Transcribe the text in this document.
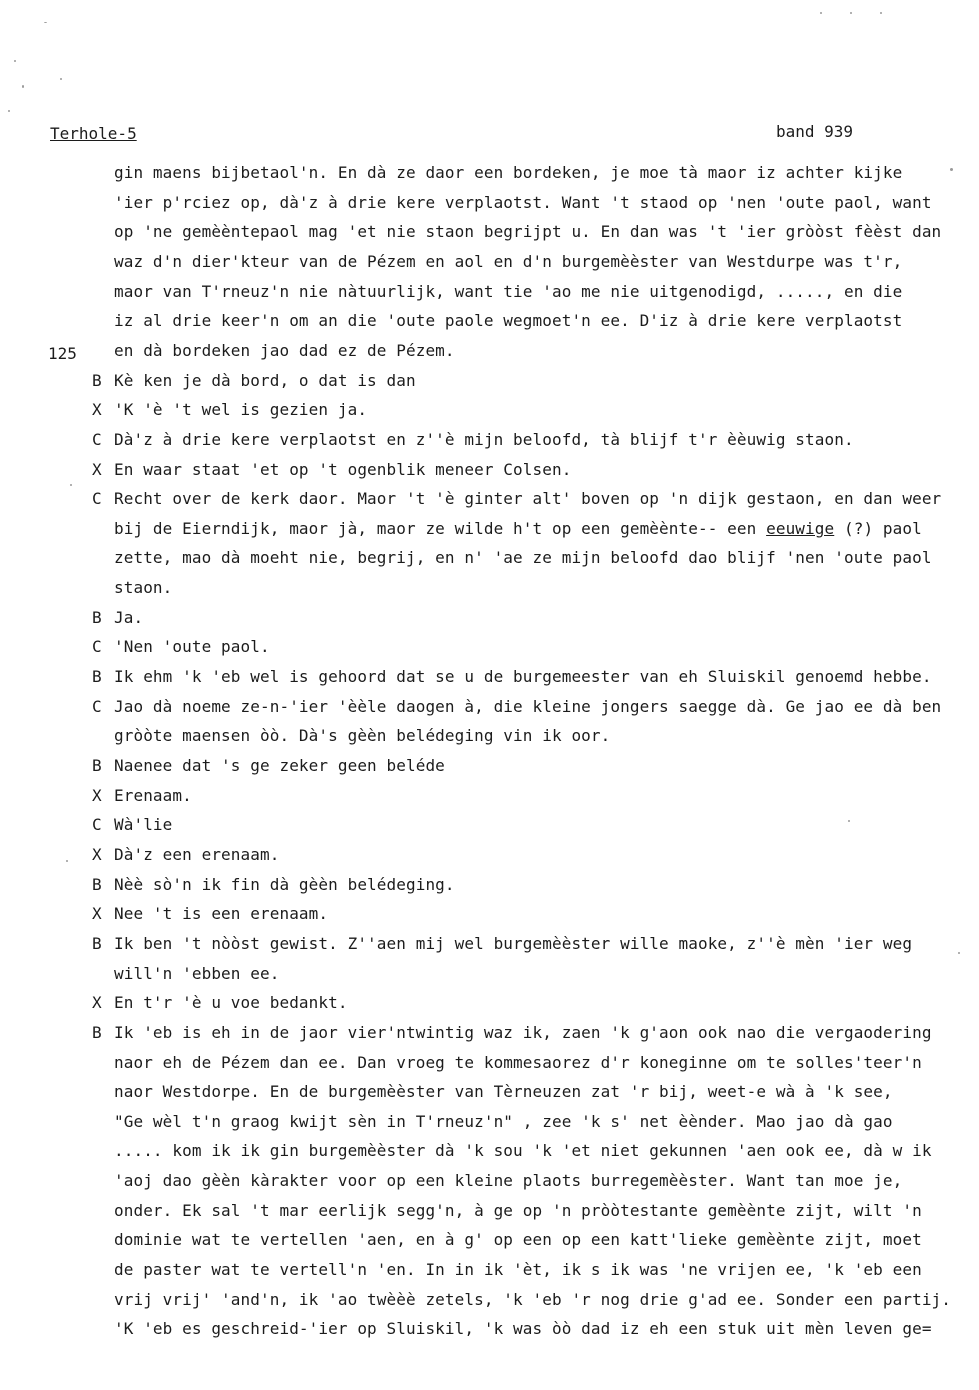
Terhole-5	band 939
125
gin maens bijbetaol'n. En dà ze daor een bordeken, je moe tà maor iz achter kijke
'ier p'rciez op, dà'z à drie kere verplaotst. Want 't staod op 'nen 'oute paol, want
op 'ne gemèèntepaol mag 'et nie staon begrijpt u. En dan was 't 'ier gròòst fèèst dan
waz d'n dier'kteur van de Pézem en aol en d'n burgemèèster van Westdurpe was t'r,
maor van T'rneuz'n nie nàtuurlijk, want tie 'ao me nie uitgenodigd, ....., en die
iz al drie keer'n om an die 'oute paole wegmoet'n ee. D'iz à drie kere verplaotst
en dà bordeken jao dad ez de Pézem.
B Kè ken je dà bord, o dat is dan
X 'K 'è 't wel is gezien ja.
C Dà'z à drie kere verplaotst en z''è mijn beloofd, tà blijf t'r èèuwig staon.
X En waar staat 'et op 't ogenblik meneer Colsen.
C Recht over de kerk daor. Maor 't 'è ginter alt' boven op 'n dijk gestaon, en dan weer
bij de Eierndijk, maor jà, maor ze wilde h't op een gemèènte-- een eeuwige (?) paol
zette, mao dà moeht nie, begrij, en n' 'ae ze mijn beloofd dao blijf 'nen 'oute paol
staon.
B Ja.
C 'Nen 'oute paol.
B Ik ehm 'k 'eb wel is gehoord dat se u de burgemeester van eh Sluiskil genoemd hebbe.
C Jao dà noeme ze-n-'ier 'èèle daogen à, die kleine jongers saegge dà. Ge jao ee dà ben
gròòte maensen òò. Dà's gèèn belédeging vin ik oor.
B Naenee dat 's ge zeker geen beléde
X Erenaam.
C Wà'lie
X Dà'z een erenaam.
B Nèè sò'n ik fin dà gèèn belédeging.
X Nee 't is een erenaam.
B Ik ben 't nòòst gewist. Z''aen mij wel burgemèèster wille maoke, z''è mèn 'ier weg
will'n 'ebben ee.
X En t'r 'è u voe bedankt.
B Ik 'eb is eh in de jaor vier'ntwintig waz ik, zaen 'k g'aon ook nao die vergaodering
naor eh de Pézem dan ee. Dan vroeg te kommesaorez d'r koneginne om te solles'teer'n
naor Westdorpe. En de burgemèèster van Tèrneuzen zat 'r bij, weet-e wà à 'k see,
"Ge wèl t'n graog kwijt sèn in T'rneuz'n" , zee 'k s' net èènder. Mao jao dà gao
..... kom ik ik gin burgemèèster dà 'k sou 'k 'et niet gekunnen 'aen ook ee, dà w ik
'aoj dao gèèn kàrakter voor op een kleine plaots burregemèèster. Want tan moe je,
onder. Ek sal 't mar eerlijk segg'n, à ge op 'n pròòtestante gemèènte zijt, wilt 'n
dominie wat te vertellen 'aen, en à g' op een op een katt'lieke gemèènte zijt, moet
de paster wat te vertell'n 'en. In in ik 'èt, ik s ik was 'ne vrijen ee, 'k 'eb een
vrij vrij' 'and'n, ik 'ao twèèè zetels, 'k 'eb 'r nog drie g'ad ee. Sonder een partij.
'K 'eb es geschreid-'ier op Sluiskil, 'k was òò dad iz eh een stuk uit mèn leven ge=
